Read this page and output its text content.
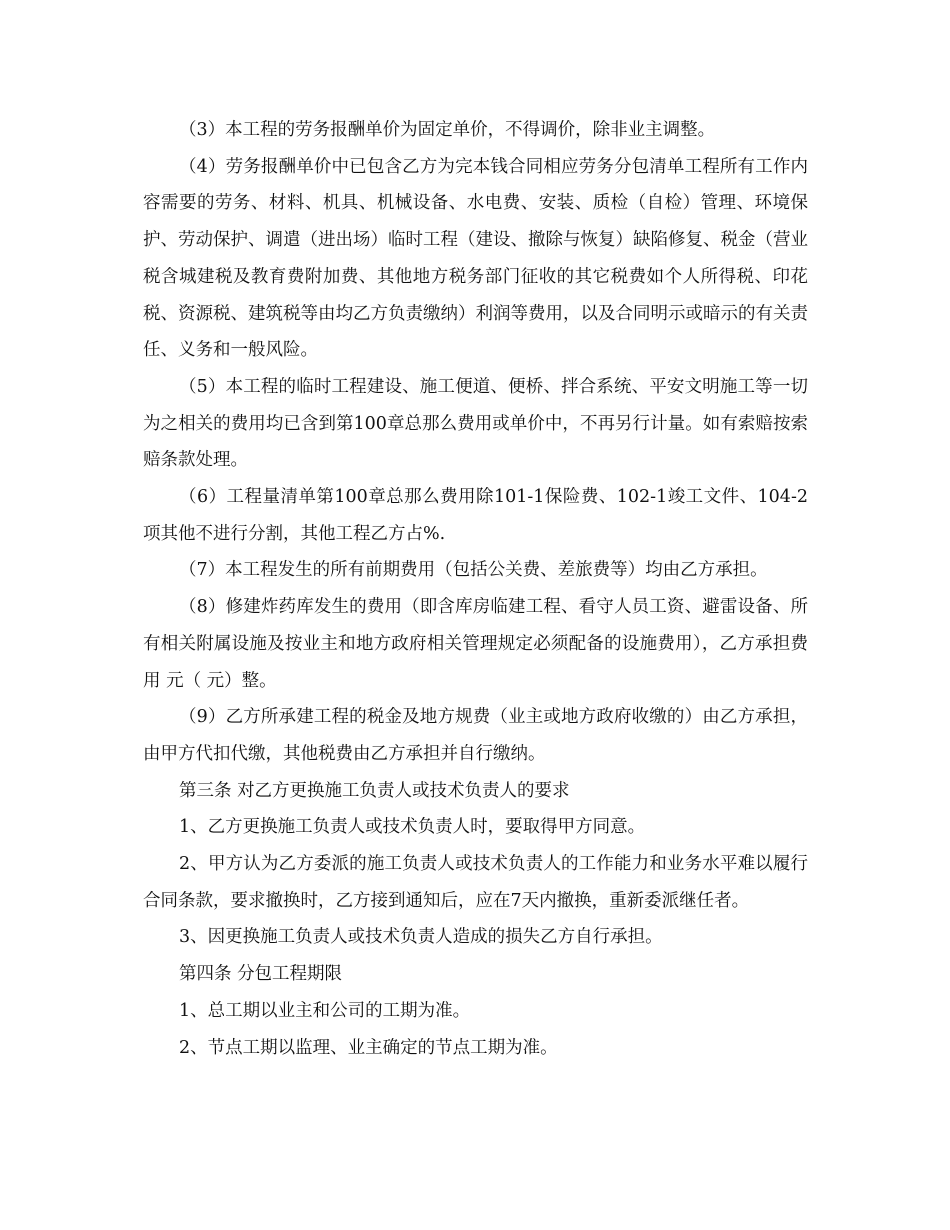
（3）本工程的劳务报酬单价为固定单价，不得调价，除非业主调整。

（4）劳务报酬单价中已包含乙方为完本钱合同相应劳务分包清单工程所有工作内容需要的劳务、材料、机具、机械设备、水电费、安装、质检（自检）管理、环境保护、劳动保护、调遣（进出场）临时工程（建设、撤除与恢复）缺陷修复、税金（营业税含城建税及教育费附加费、其他地方税务部门征收的其它税费如个人所得税、印花税、资源税、建筑税等由均乙方负责缴纳）利润等费用，以及合同明示或暗示的有关责任、义务和一般风险。

（5）本工程的临时工程建设、施工便道、便桥、拌合系统、平安文明施工等一切为之相关的费用均已含到第100章总那么费用或单价中，不再另行计量。如有索赔按索赔条款处理。

（6）工程量清单第100章总那么费用除101-1保险费、102-1竣工文件、104-2项其他不进行分割，其他工程乙方占%.

（7）本工程发生的所有前期费用（包括公关费、差旅费等）均由乙方承担。

（8）修建炸药库发生的费用（即含库房临建工程、看守人员工资、避雷设备、所有相关附属设施及按业主和地方政府相关管理规定必须配备的设施费用），乙方承担费用 元（ 元）整。

（9）乙方所承建工程的税金及地方规费（业主或地方政府收缴的）由乙方承担，由甲方代扣代缴，其他税费由乙方承担并自行缴纳。

第三条 对乙方更换施工负责人或技术负责人的要求

1、乙方更换施工负责人或技术负责人时，要取得甲方同意。

2、甲方认为乙方委派的施工负责人或技术负责人的工作能力和业务水平难以履行合同条款，要求撤换时，乙方接到通知后，应在7天内撤换，重新委派继任者。

3、因更换施工负责人或技术负责人造成的损失乙方自行承担。

第四条 分包工程期限

1、总工期以业主和公司的工期为准。

2、节点工期以监理、业主确定的节点工期为准。
